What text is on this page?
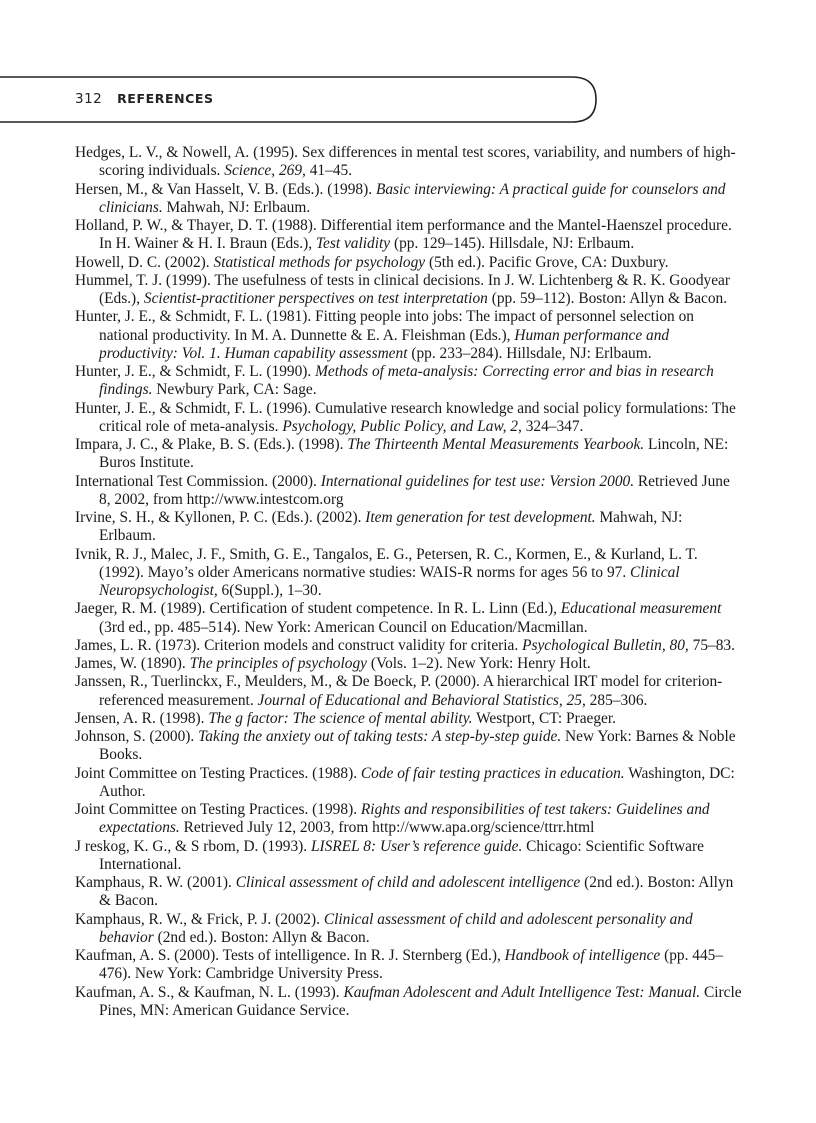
312 REFERENCES
Hedges, L. V., & Nowell, A. (1995). Sex differences in mental test scores, variability, and numbers of high-scoring individuals. Science, 269, 41–45.
Hersen, M., & Van Hasselt, V. B. (Eds.). (1998). Basic interviewing: A practical guide for counselors and clinicians. Mahwah, NJ: Erlbaum.
Holland, P. W., & Thayer, D. T. (1988). Differential item performance and the Mantel-Haenszel procedure. In H. Wainer & H. I. Braun (Eds.), Test validity (pp. 129–145). Hillsdale, NJ: Erlbaum.
Howell, D. C. (2002). Statistical methods for psychology (5th ed.). Pacific Grove, CA: Duxbury.
Hummel, T. J. (1999). The usefulness of tests in clinical decisions. In J. W. Lichtenberg & R. K. Goodyear (Eds.), Scientist-practitioner perspectives on test interpretation (pp. 59–112). Boston: Allyn & Bacon.
Hunter, J. E., & Schmidt, F. L. (1981). Fitting people into jobs: The impact of personnel selection on national productivity. In M. A. Dunnette & E. A. Fleishman (Eds.), Human performance and productivity: Vol. 1. Human capability assessment (pp. 233–284). Hillsdale, NJ: Erlbaum.
Hunter, J. E., & Schmidt, F. L. (1990). Methods of meta-analysis: Correcting error and bias in research findings. Newbury Park, CA: Sage.
Hunter, J. E., & Schmidt, F. L. (1996). Cumulative research knowledge and social policy formulations: The critical role of meta-analysis. Psychology, Public Policy, and Law, 2, 324–347.
Impara, J. C., & Plake, B. S. (Eds.). (1998). The Thirteenth Mental Measurements Yearbook. Lincoln, NE: Buros Institute.
International Test Commission. (2000). International guidelines for test use: Version 2000. Retrieved June 8, 2002, from http://www.intestcom.org
Irvine, S. H., & Kyllonen, P. C. (Eds.). (2002). Item generation for test development. Mahwah, NJ: Erlbaum.
Ivnik, R. J., Malec, J. F., Smith, G. E., Tangalos, E. G., Petersen, R. C., Kormen, E., & Kurland, L. T. (1992). Mayo’s older Americans normative studies: WAIS-R norms for ages 56 to 97. Clinical Neuropsychologist, 6(Suppl.), 1–30.
Jaeger, R. M. (1989). Certification of student competence. In R. L. Linn (Ed.), Educational measurement (3rd ed., pp. 485–514). New York: American Council on Education/Macmillan.
James, L. R. (1973). Criterion models and construct validity for criteria. Psychological Bulletin, 80, 75–83.
James, W. (1890). The principles of psychology (Vols. 1–2). New York: Henry Holt.
Janssen, R., Tuerlinckx, F., Meulders, M., & De Boeck, P. (2000). A hierarchical IRT model for criterion-referenced measurement. Journal of Educational and Behavioral Statistics, 25, 285–306.
Jensen, A. R. (1998). The g factor: The science of mental ability. Westport, CT: Praeger.
Johnson, S. (2000). Taking the anxiety out of taking tests: A step-by-step guide. New York: Barnes & Noble Books.
Joint Committee on Testing Practices. (1988). Code of fair testing practices in education. Washington, DC: Author.
Joint Committee on Testing Practices. (1998). Rights and responsibilities of test takers: Guidelines and expectations. Retrieved July 12, 2003, from http://www.apa.org/science/ttrr.html
J reskog, K. G., & S rbom, D. (1993). LISREL 8: User’s reference guide. Chicago: Scientific Software International.
Kamphaus, R. W. (2001). Clinical assessment of child and adolescent intelligence (2nd ed.). Boston: Allyn & Bacon.
Kamphaus, R. W., & Frick, P. J. (2002). Clinical assessment of child and adolescent personality and behavior (2nd ed.). Boston: Allyn & Bacon.
Kaufman, A. S. (2000). Tests of intelligence. In R. J. Sternberg (Ed.), Handbook of intelligence (pp. 445–476). New York: Cambridge University Press.
Kaufman, A. S., & Kaufman, N. L. (1993). Kaufman Adolescent and Adult Intelligence Test: Manual. Circle Pines, MN: American Guidance Service.
